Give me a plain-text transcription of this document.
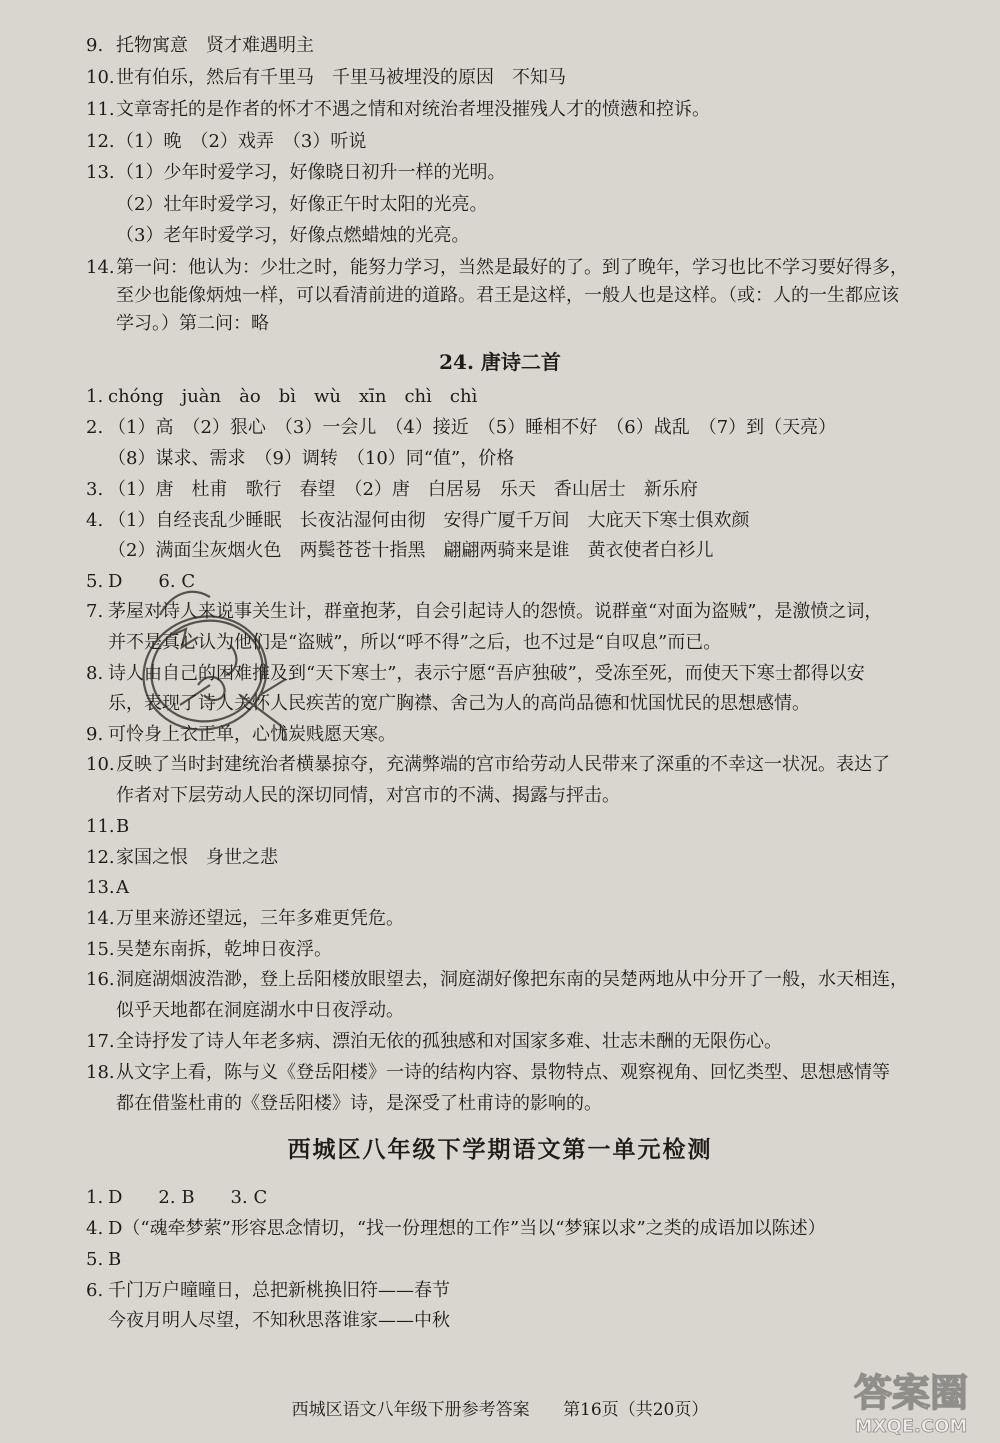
9. 托物寓意　贤才难遇明主
10. 世有伯乐，然后有千里马　千里马被埋没的原因　不知马
11. 文章寄托的是作者的怀才不遇之情和对统治者埋没摧残人才的愤懑和控诉。
12. （1）晚　（2）戏弄　（3）听说
13. （1）少年时爱学习，好像晓日初升一样的光明。
（2）壮年时爱学习，好像正午时太阳的光亮。
（3）老年时爱学习，好像点燃蜡烛的光亮。
14. 第一问：他认为：少壮之时，能努力学习，当然是最好的了。到了晚年，学习也比不学习要好得多，
至少也能像炳烛一样，可以看清前进的道路。君王是这样，一般人也是这样。（或：人的一生都应该
学习。）第二问：略
24. 唐诗二首
1. chóng　juàn　ào　bì　wù　xīn　chì　chì
2. （1）高　（2）狠心　（3）一会儿　（4）接近　（5）睡相不好　（6）战乱　（7）到（天亮）
（8）谋求、需求　（9）调转　（10）同“值”，价格
3. （1）唐　杜甫　歌行　春望　（2）唐　白居易　乐天　香山居士　新乐府
4. （1）自经丧乱少睡眠　长夜沾湿何由彻　安得广厦千万间　大庇天下寒士俱欢颜
（2）满面尘灰烟火色　两鬓苍苍十指黑　翩翩两骑来是谁　黄衣使者白衫儿
5. D　　6. C
7. 茅屋对诗人来说事关生计，群童抱茅，自会引起诗人的怨愤。说群童“对面为盗贼”，是激愤之词，
并不是真心认为他们是“盗贼”，所以“呼不得”之后，也不过是“自叹息”而已。
8. 诗人由自己的困难推及到“天下寒士”，表示宁愿“吾庐独破”，受冻至死，而使天下寒士都得以安
乐，表现了诗人关怀人民疾苦的宽广胸襟、舍己为人的高尚品德和忧国忧民的思想感情。
9. 可怜身上衣正单，心忧炭贱愿天寒。
10. 反映了当时封建统治者横暴掠夺，充满弊端的宫市给劳动人民带来了深重的不幸这一状况。表达了
作者对下层劳动人民的深切同情，对宫市的不满、揭露与抨击。
11. B
12. 家国之恨　身世之悲
13. A
14. 万里来游还望远，三年多难更凭危。
15. 吴楚东南拆，乾坤日夜浮。
16. 洞庭湖烟波浩渺，登上岳阳楼放眼望去，洞庭湖好像把东南的吴楚两地从中分开了一般，水天相连，
似乎天地都在洞庭湖水中日夜浮动。
17. 全诗抒发了诗人年老多病、漂泊无依的孤独感和对国家多难、壮志未酬的无限伤心。
18. 从文字上看，陈与义《登岳阳楼》一诗的结构内容、景物特点、观察视角、回忆类型、思想感情等
都在借鉴杜甫的《登岳阳楼》诗，是深受了杜甫诗的影响的。
西城区八年级下学期语文第一单元检测
1. D　　2. B　　3. C
4. D（“魂牵梦萦”形容思念情切，“找一份理想的工作”当以“梦寐以求”之类的成语加以陈述）
5. B
6. 千门万户曈曈日，总把新桃换旧符——春节
今夜月明人尽望，不知秋思落谁家——中秋
西城区语文八年级下册参考答案 第16页（共20页）	答案圈
MXQE.COM
